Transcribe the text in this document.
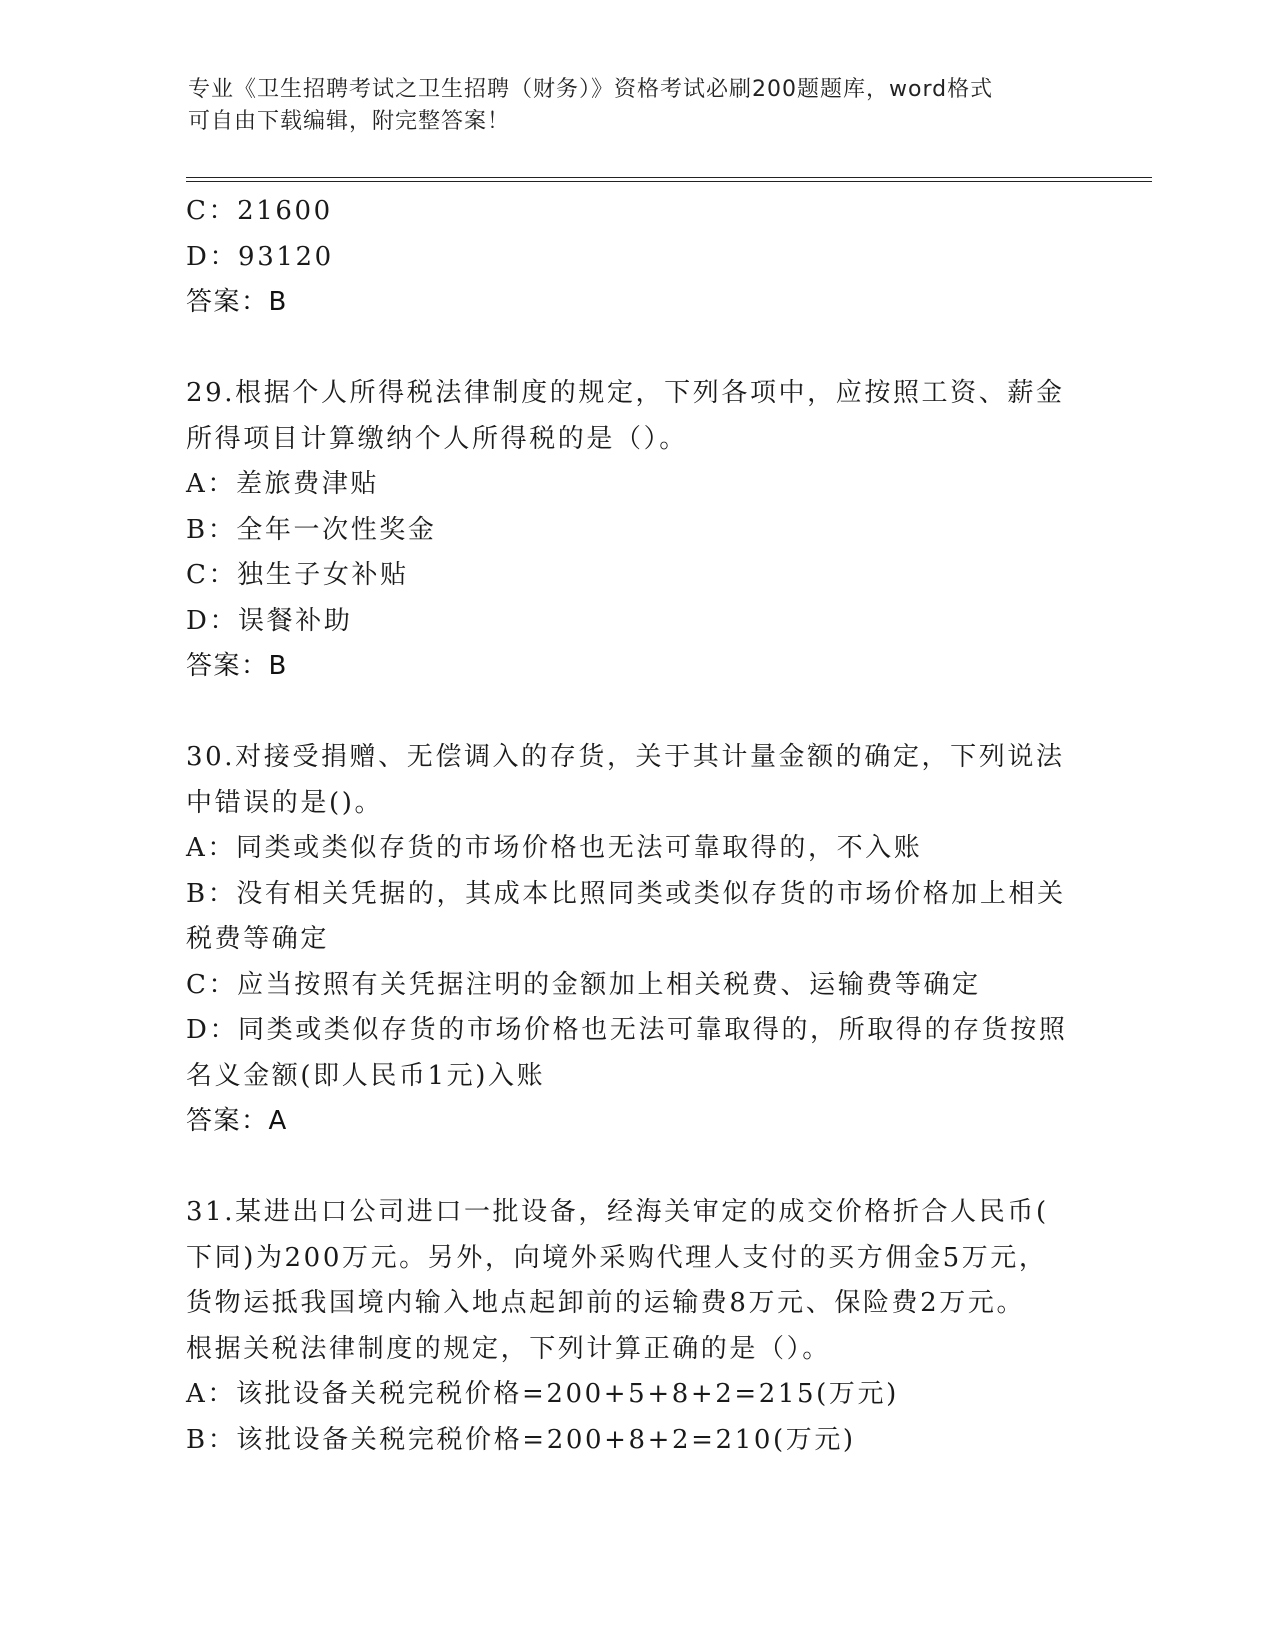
专业《卫生招聘考试之卫生招聘（财务）》资格考试必刷200题题库，word格式
可自由下载编辑，附完整答案！
C：21600
D：93120
答案：B
29.根据个人所得税法律制度的规定，下列各项中，应按照工资、薪金
所得项目计算缴纳个人所得税的是（）。
A：差旅费津贴
B：全年一次性奖金
C：独生子女补贴
D：误餐补助
答案：B
30.对接受捐赠、无偿调入的存货，关于其计量金额的确定，下列说法
中错误的是()。
A：同类或类似存货的市场价格也无法可靠取得的，不入账
B：没有相关凭据的，其成本比照同类或类似存货的市场价格加上相关
税费等确定
C：应当按照有关凭据注明的金额加上相关税费、运输费等确定
D：同类或类似存货的市场价格也无法可靠取得的，所取得的存货按照
名义金额(即人民币1元)入账
答案：A
31.某进出口公司进口一批设备，经海关审定的成交价格折合人民币(
下同)为200万元。另外，向境外采购代理人支付的买方佣金5万元，
货物运抵我国境内输入地点起卸前的运输费8万元、保险费2万元。
根据关税法律制度的规定，下列计算正确的是（）。
A：该批设备关税完税价格=200+5+8+2=215(万元)
B：该批设备关税完税价格=200+8+2=210(万元)
